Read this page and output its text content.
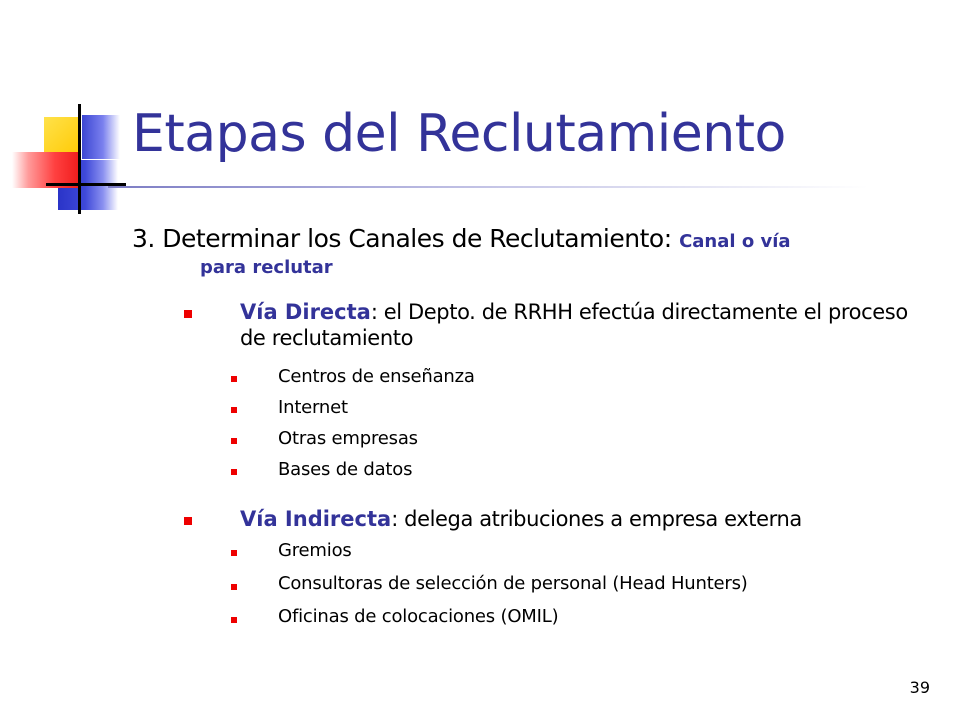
Etapas del Reclutamiento
3. Determinar los Canales de Reclutamiento: Canal o vía
para reclutar
Vía Directa: el Depto. de RRHH efectúa directamente el proceso de reclutamiento
Centros de enseñanza
Internet
Otras empresas
Bases de datos
Vía Indirecta: delega atribuciones a empresa externa
Gremios
Consultoras de selección de personal (Head Hunters)
Oficinas de colocaciones (OMIL)
39
